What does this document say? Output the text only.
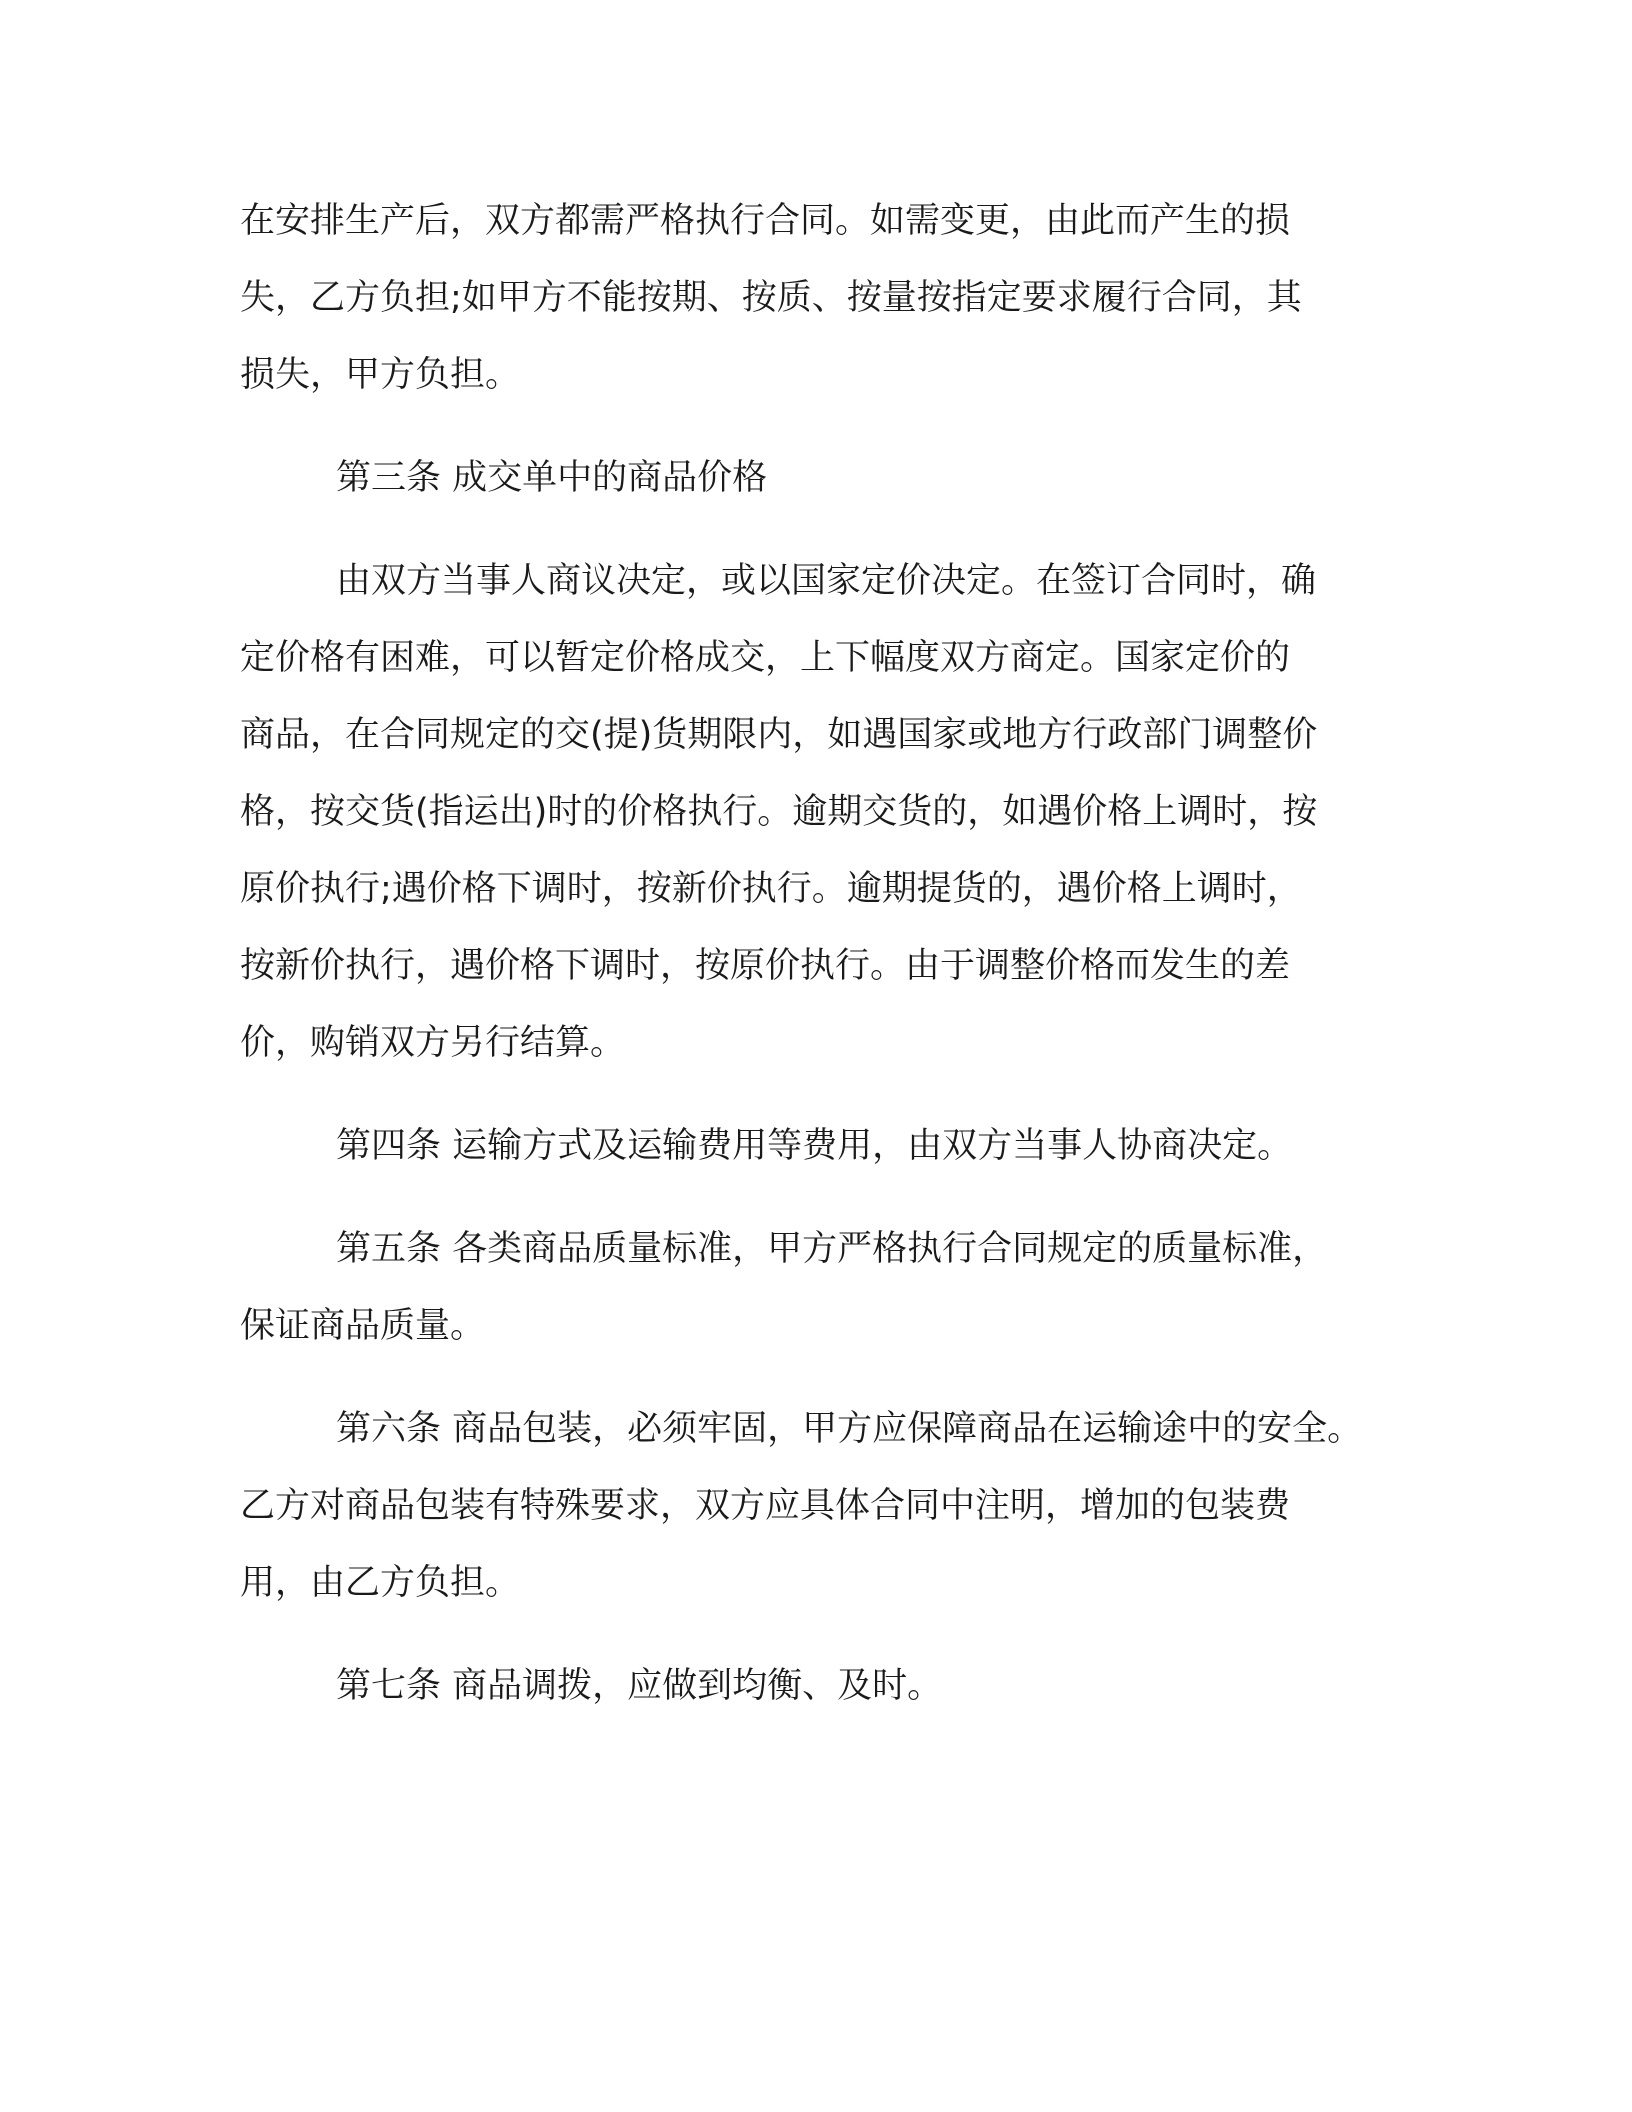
在安排生产后，双方都需严格执行合同。如需变更，由此而产生的损
失，乙方负担;如甲方不能按期、按质、按量按指定要求履行合同，其
损失，甲方负担。

第三条 成交单中的商品价格

由双方当事人商议决定，或以国家定价决定。在签订合同时，确
定价格有困难，可以暂定价格成交，上下幅度双方商定。国家定价的
商品，在合同规定的交(提)货期限内，如遇国家或地方行政部门调整价
格，按交货(指运出)时的价格执行。逾期交货的，如遇价格上调时，按
原价执行;遇价格下调时，按新价执行。逾期提货的，遇价格上调时，
按新价执行，遇价格下调时，按原价执行。由于调整价格而发生的差
价，购销双方另行结算。

第四条 运输方式及运输费用等费用，由双方当事人协商决定。

第五条 各类商品质量标准，甲方严格执行合同规定的质量标准，
保证商品质量。

第六条 商品包装，必须牢固，甲方应保障商品在运输途中的安全。
乙方对商品包装有特殊要求，双方应具体合同中注明，增加的包装费
用，由乙方负担。

第七条 商品调拨，应做到均衡、及时。
